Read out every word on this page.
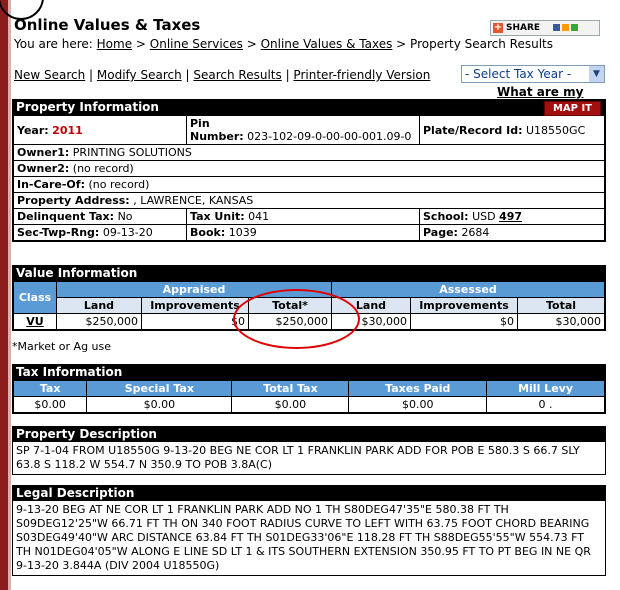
Online Values & Taxes
You are here: Home > Online Services > Online Values & Taxes > Property Search Results
+ SHARE
New Search | Modify Search | Search Results | Printer-friendly Version	- Select Tax Year -	▼
What are my
Property Information	MAP IT
Year: 2011	Pin
Number: 023-102-09-0-00-00-001.09-0	Plate/Record Id: U18550GC
Owner1: PRINTING SOLUTIONS		
Owner2: (no record)		
In-Care-Of: (no record)		
Property Address: , LAWRENCE, KANSAS		
Delinquent Tax: No	Tax Unit: 041	School: USD 497
Sec-Twp-Rng: 09-13-20	Book: 1039	Page: 2684
Value Information
Class	Appraised			Assessed		
	Land	Improvements	Total*	Land	Improvements	Total
VU	$250,000	$0	$250,000	$30,000	$0	$30,000
*Market or Ag use
Tax Information
Tax	Special Tax	Total Tax	Taxes Paid	Mill Levy
$0.00	$0.00	$0.00	$0.00	0 .
Property Description
SP 7-1-04 FROM U18550G 9-13-20 BEG NE COR LT 1 FRANKLIN PARK ADD FOR POB E 580.3 S 66.7 SLY 63.8 S 118.2 W 554.7 N 350.9 TO POB 3.8A(C)
Legal Description
9-13-20 BEG AT NE COR LT 1 FRANKLIN PARK ADD NO 1 TH S80DEG47'35"E 580.38 FT TH S09DEG12'25"W 66.71 FT TH ON 340 FOOT RADIUS CURVE TO LEFT WITH 63.75 FOOT CHORD BEARING S03DEG49'40"W ARC DISTANCE 63.84 FT TH S01DEG33'06"E 118.28 FT TH S88DEG55'55"W 554.73 FT TH N01DEG04'05"W ALONG E LINE SD LT 1 & ITS SOUTHERN EXTENSION 350.95 FT TO PT BEG IN NE QR 9-13-20 3.844A (DIV 2004 U18550G)
